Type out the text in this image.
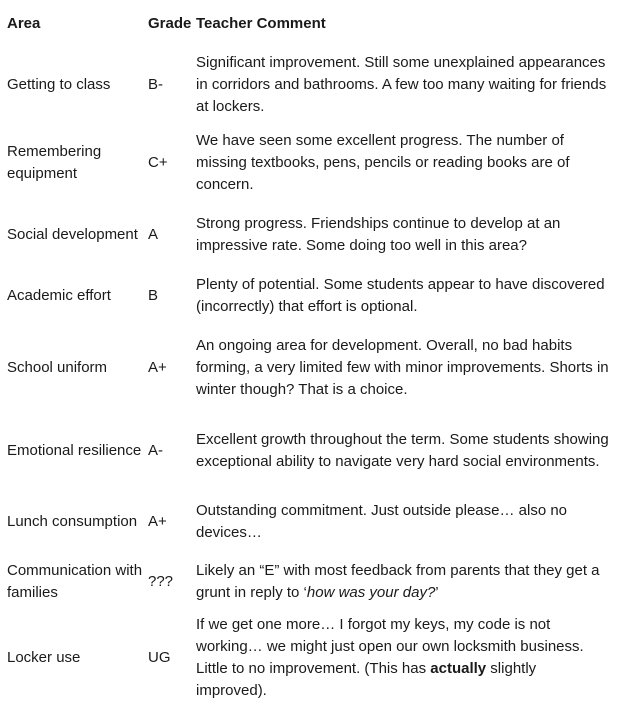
Area	Grade	Teacher Comment
Getting to class	B-	Significant improvement. Still some unexplained appearances in corridors and bathrooms. A few too many waiting for friends at lockers.
Remembering equipment	C+	We have seen some excellent progress. The number of missing textbooks, pens, pencils or reading books are of concern.
Social development	A	Strong progress. Friendships continue to develop at an impressive rate. Some doing too well in this area?
Academic effort	B	Plenty of potential. Some students appear to have discovered (incorrectly) that effort is optional.
School uniform	A+	An ongoing area for development. Overall, no bad habits forming, a very limited few with minor improvements. Shorts in winter though? That is a choice.
Emotional resilience	A-	Excellent growth throughout the term. Some students showing exceptional ability to navigate very hard social environments.
Lunch consumption	A+	Outstanding commitment. Just outside please… also no devices…
Communication with families	???	Likely an “E” with most feedback from parents that they get a grunt in reply to ‘how was your day?’
Locker use	UG	If we get one more… I forgot my keys, my code is not working… we might just open our own locksmith business. Little to no improvement. (This has actually slightly improved).
